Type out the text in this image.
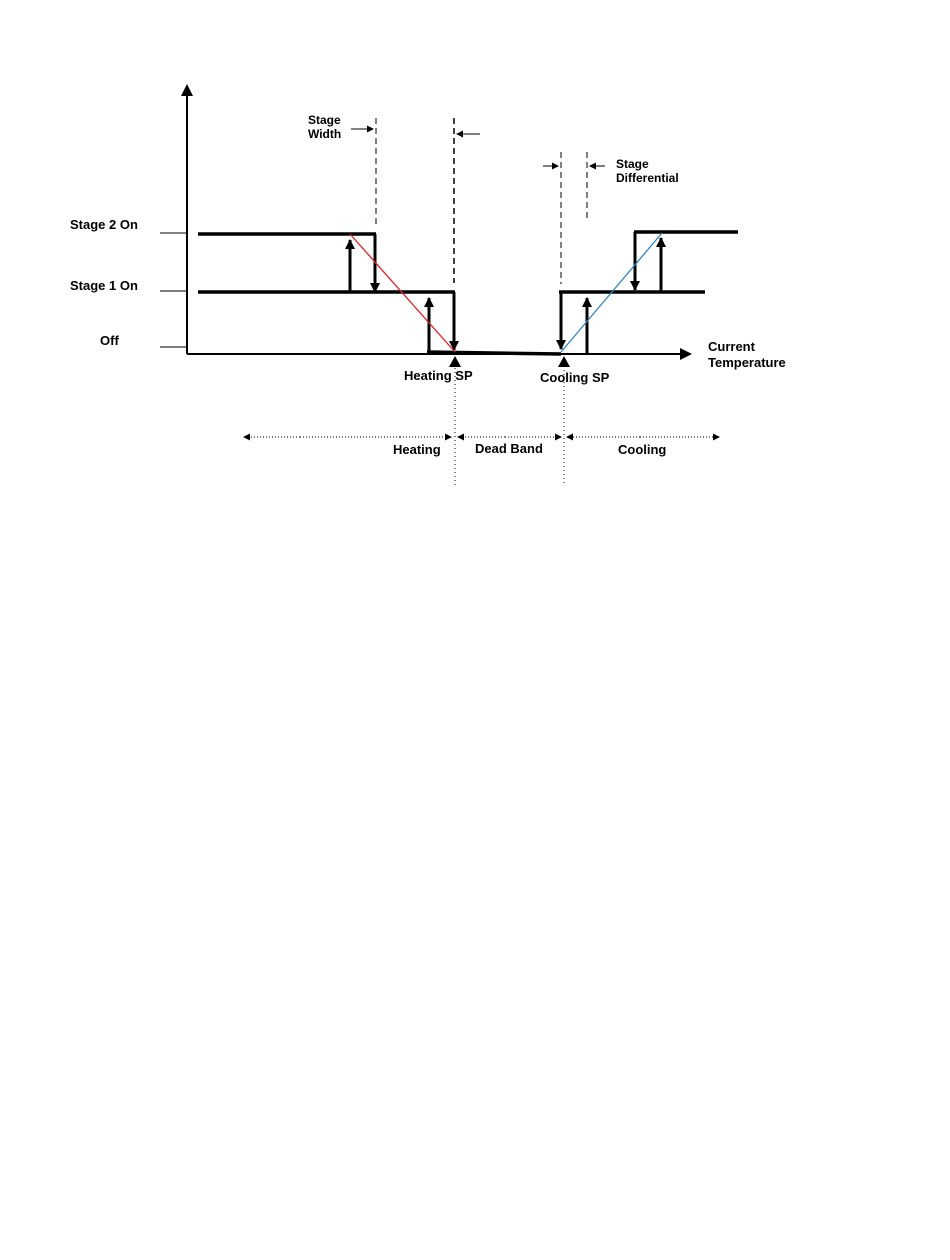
Stage 2 On
Stage 1 On
Off	Current
Temperature
Stage
Width
Stage
Differential
Heating SP	Cooling SP
Heating	Dead Band	Cooling
